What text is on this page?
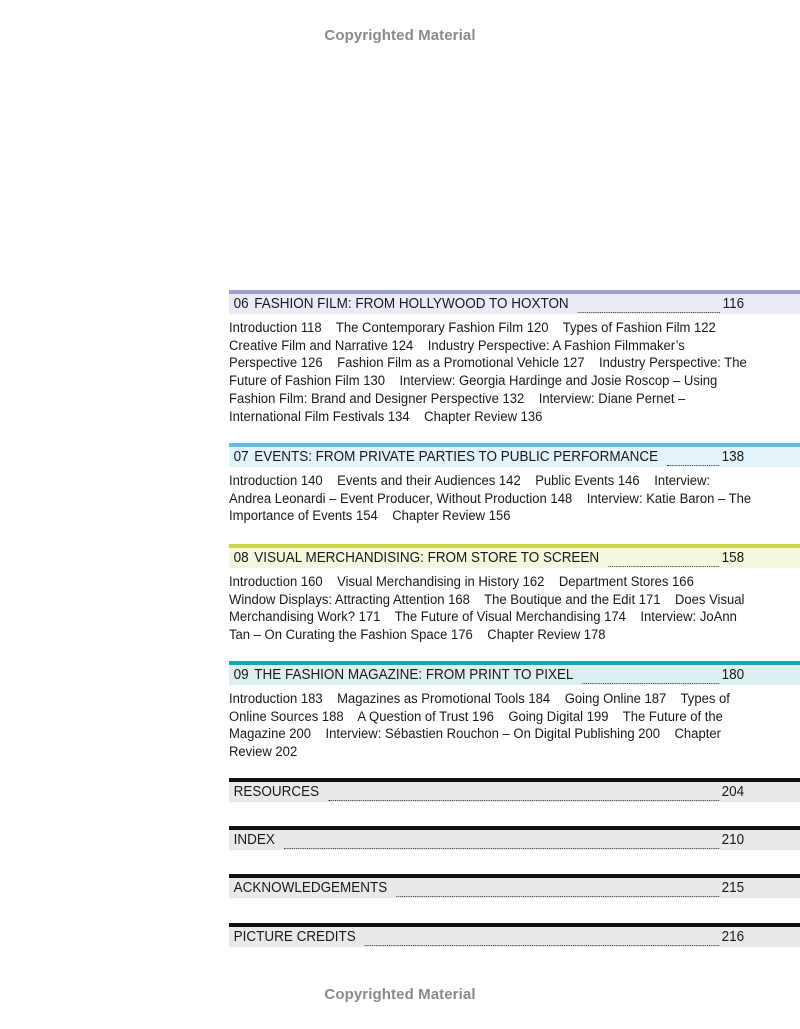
Copyrighted Material
06 FASHION FILM: FROM HOLLYWOOD TO HOXTON	116
Introduction 118    The Contemporary Fashion Film 120    Types of Fashion Film 122    Creative Film and Narrative 124    Industry Perspective: A Fashion Filmmaker’s Perspective 126    Fashion Film as a Promotional Vehicle 127    Industry Perspective: The Future of Fashion Film 130    Interview: Georgia Hardinge and Josie Roscop – Using Fashion Film: Brand and Designer Perspective 132    Interview: Diane Pernet – International Film Festivals 134    Chapter Review 136
07 EVENTS: FROM PRIVATE PARTIES TO PUBLIC PERFORMANCE	138
Introduction 140    Events and their Audiences 142    Public Events 146    Interview: Andrea Leonardi – Event Producer, Without Production 148    Interview: Katie Baron – The Importance of Events 154    Chapter Review 156
08 VISUAL MERCHANDISING: FROM STORE TO SCREEN	158
Introduction 160    Visual Merchandising in History 162    Department Stores 166    Window Displays: Attracting Attention 168    The Boutique and the Edit 171    Does Visual Merchandising Work? 171    The Future of Visual Merchandising 174    Interview: JoAnn Tan – On Curating the Fashion Space 176    Chapter Review 178
09 THE FASHION MAGAZINE: FROM PRINT TO PIXEL	180
Introduction 183    Magazines as Promotional Tools 184    Going Online 187    Types of Online Sources 188    A Question of Trust 196    Going Digital 199    The Future of the Magazine 200    Interview: Sébastien Rouchon – On Digital Publishing 200    Chapter Review 202
RESOURCES	204
INDEX	210
ACKNOWLEDGEMENTS	215
PICTURE CREDITS	216
Copyrighted Material
